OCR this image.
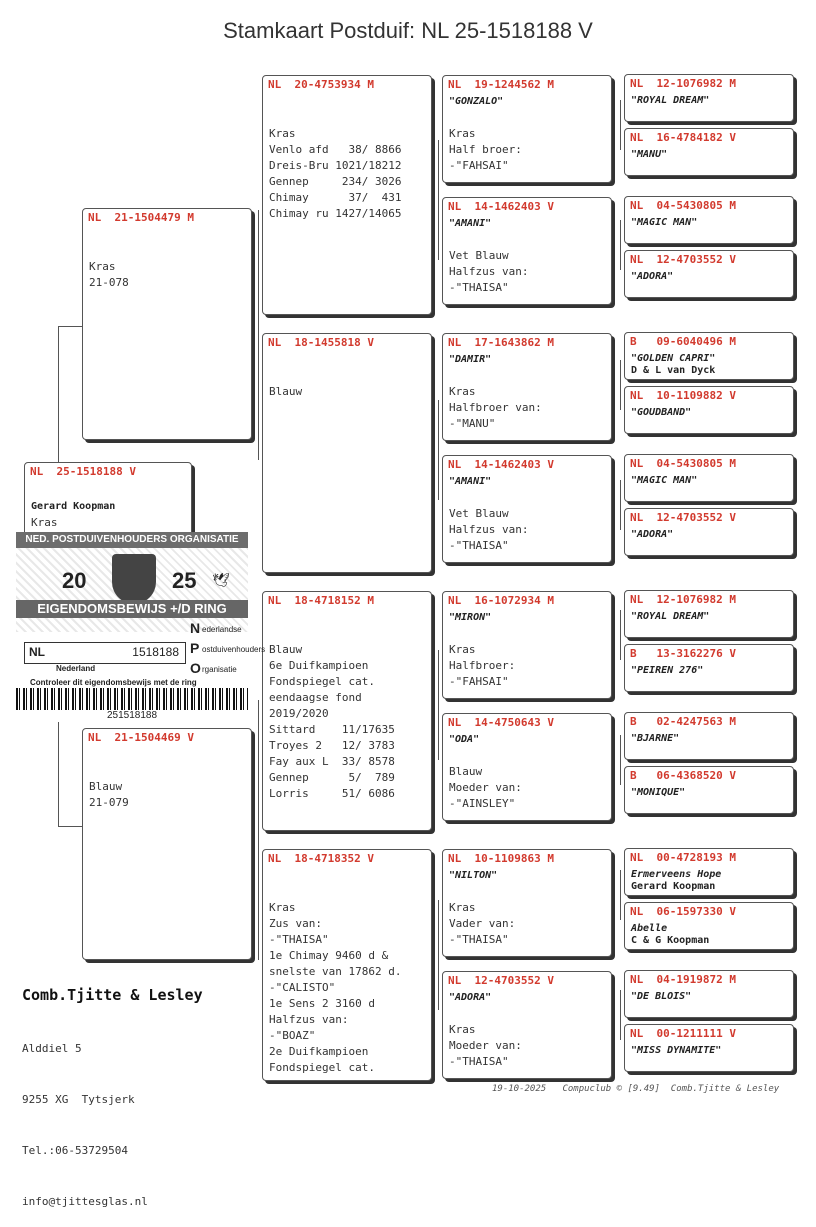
Stamkaart Postduif: NL 25-1518188 V
NL  25-1518188 V
Gerard Koopman
Kras
NL  21-1504479 M
Kras
21-078
NL  21-1504469 V
Blauw
21-079
NL  20-4753934 M
Kras
Venlo afd   38/ 8866
Dreis-Bru 1021/18212
Gennep     234/ 3026
Chimay      37/  431
Chimay ru 1427/14065
NL  18-1455818 V
Blauw
NL  18-4718152 M
Blauw
6e Duifkampioen
Fondspiegel cat.
eendaagse fond
2019/2020
Sittard    11/17635
Troyes 2   12/ 3783
Fay aux L  33/ 8578
Gennep      5/  789
Lorris     51/ 6086
NL  18-4718352 V
Kras
Zus van:
-"THAISA"
1e Chimay 9460 d &
snelste van 17862 d.
-"CALISTO"
1e Sens 2 3160 d
Halfzus van:
-"BOAZ"
2e Duifkampioen
Fondspiegel cat.
NL  19-1244562 M
"GONZALO"
Kras
Half broer:
-"FAHSAI"
NL  14-1462403 V
"AMANI"
Vet Blauw
Halfzus van:
-"THAISA"
NL  17-1643862 M
"DAMIR"
Kras
Halfbroer van:
-"MANU"
NL  14-1462403 V
"AMANI"
Vet Blauw
Halfzus van:
-"THAISA"
NL  16-1072934 M
"MIRON"
Kras
Halfbroer:
-"FAHSAI"
NL  14-4750643 V
"ODA"
Blauw
Moeder van:
-"AINSLEY"
NL  10-1109863 M
"NILTON"
Kras
Vader van:
-"THAISA"
NL  12-4703552 V
"ADORA"
Kras
Moeder van:
-"THAISA"
NL  12-1076982 M
"ROYAL DREAM"
NL  16-4784182 V
"MANU"
NL  04-5430805 M
"MAGIC MAN"
NL  12-4703552 V
"ADORA"
B   09-6040496 M
"GOLDEN CAPRI"
D & L van Dyck
NL  10-1109882 V
"GOUDBAND"
NL  04-5430805 M
"MAGIC MAN"
NL  12-4703552 V
"ADORA"
NL  12-1076982 M
"ROYAL DREAM"
B   13-3162276 V
"PEIREN 276"
B   02-4247563 M
"BJARNE"
B   06-4368520 V
"MONIQUE"
NL  00-4728193 M
Ermerveens Hope
Gerard Koopman
NL  06-1597330 V
Abelle
C & G Koopman
NL  04-1919872 M
"DE BLOIS"
NL  00-1211111 V
"MISS DYNAMITE"
NED. POSTDUIVENHOUDERS ORGANISATIE
20	25 🕊
EIGENDOMSBEWIJS +/D RING
NL	1518188
Nederland
N ederlandse
P ostduivenhouders
O rganisatie
Controleer dit eigendomsbewijs met de ring
251518188
Comb.Tjitte & Lesley

Alddiel 5

9255 XG  Tytsjerk

Tel.:06-53729504

info@tjittesglas.nl

19-10-2025   Compuclub © [9.49]  Comb.Tjitte & Lesley
